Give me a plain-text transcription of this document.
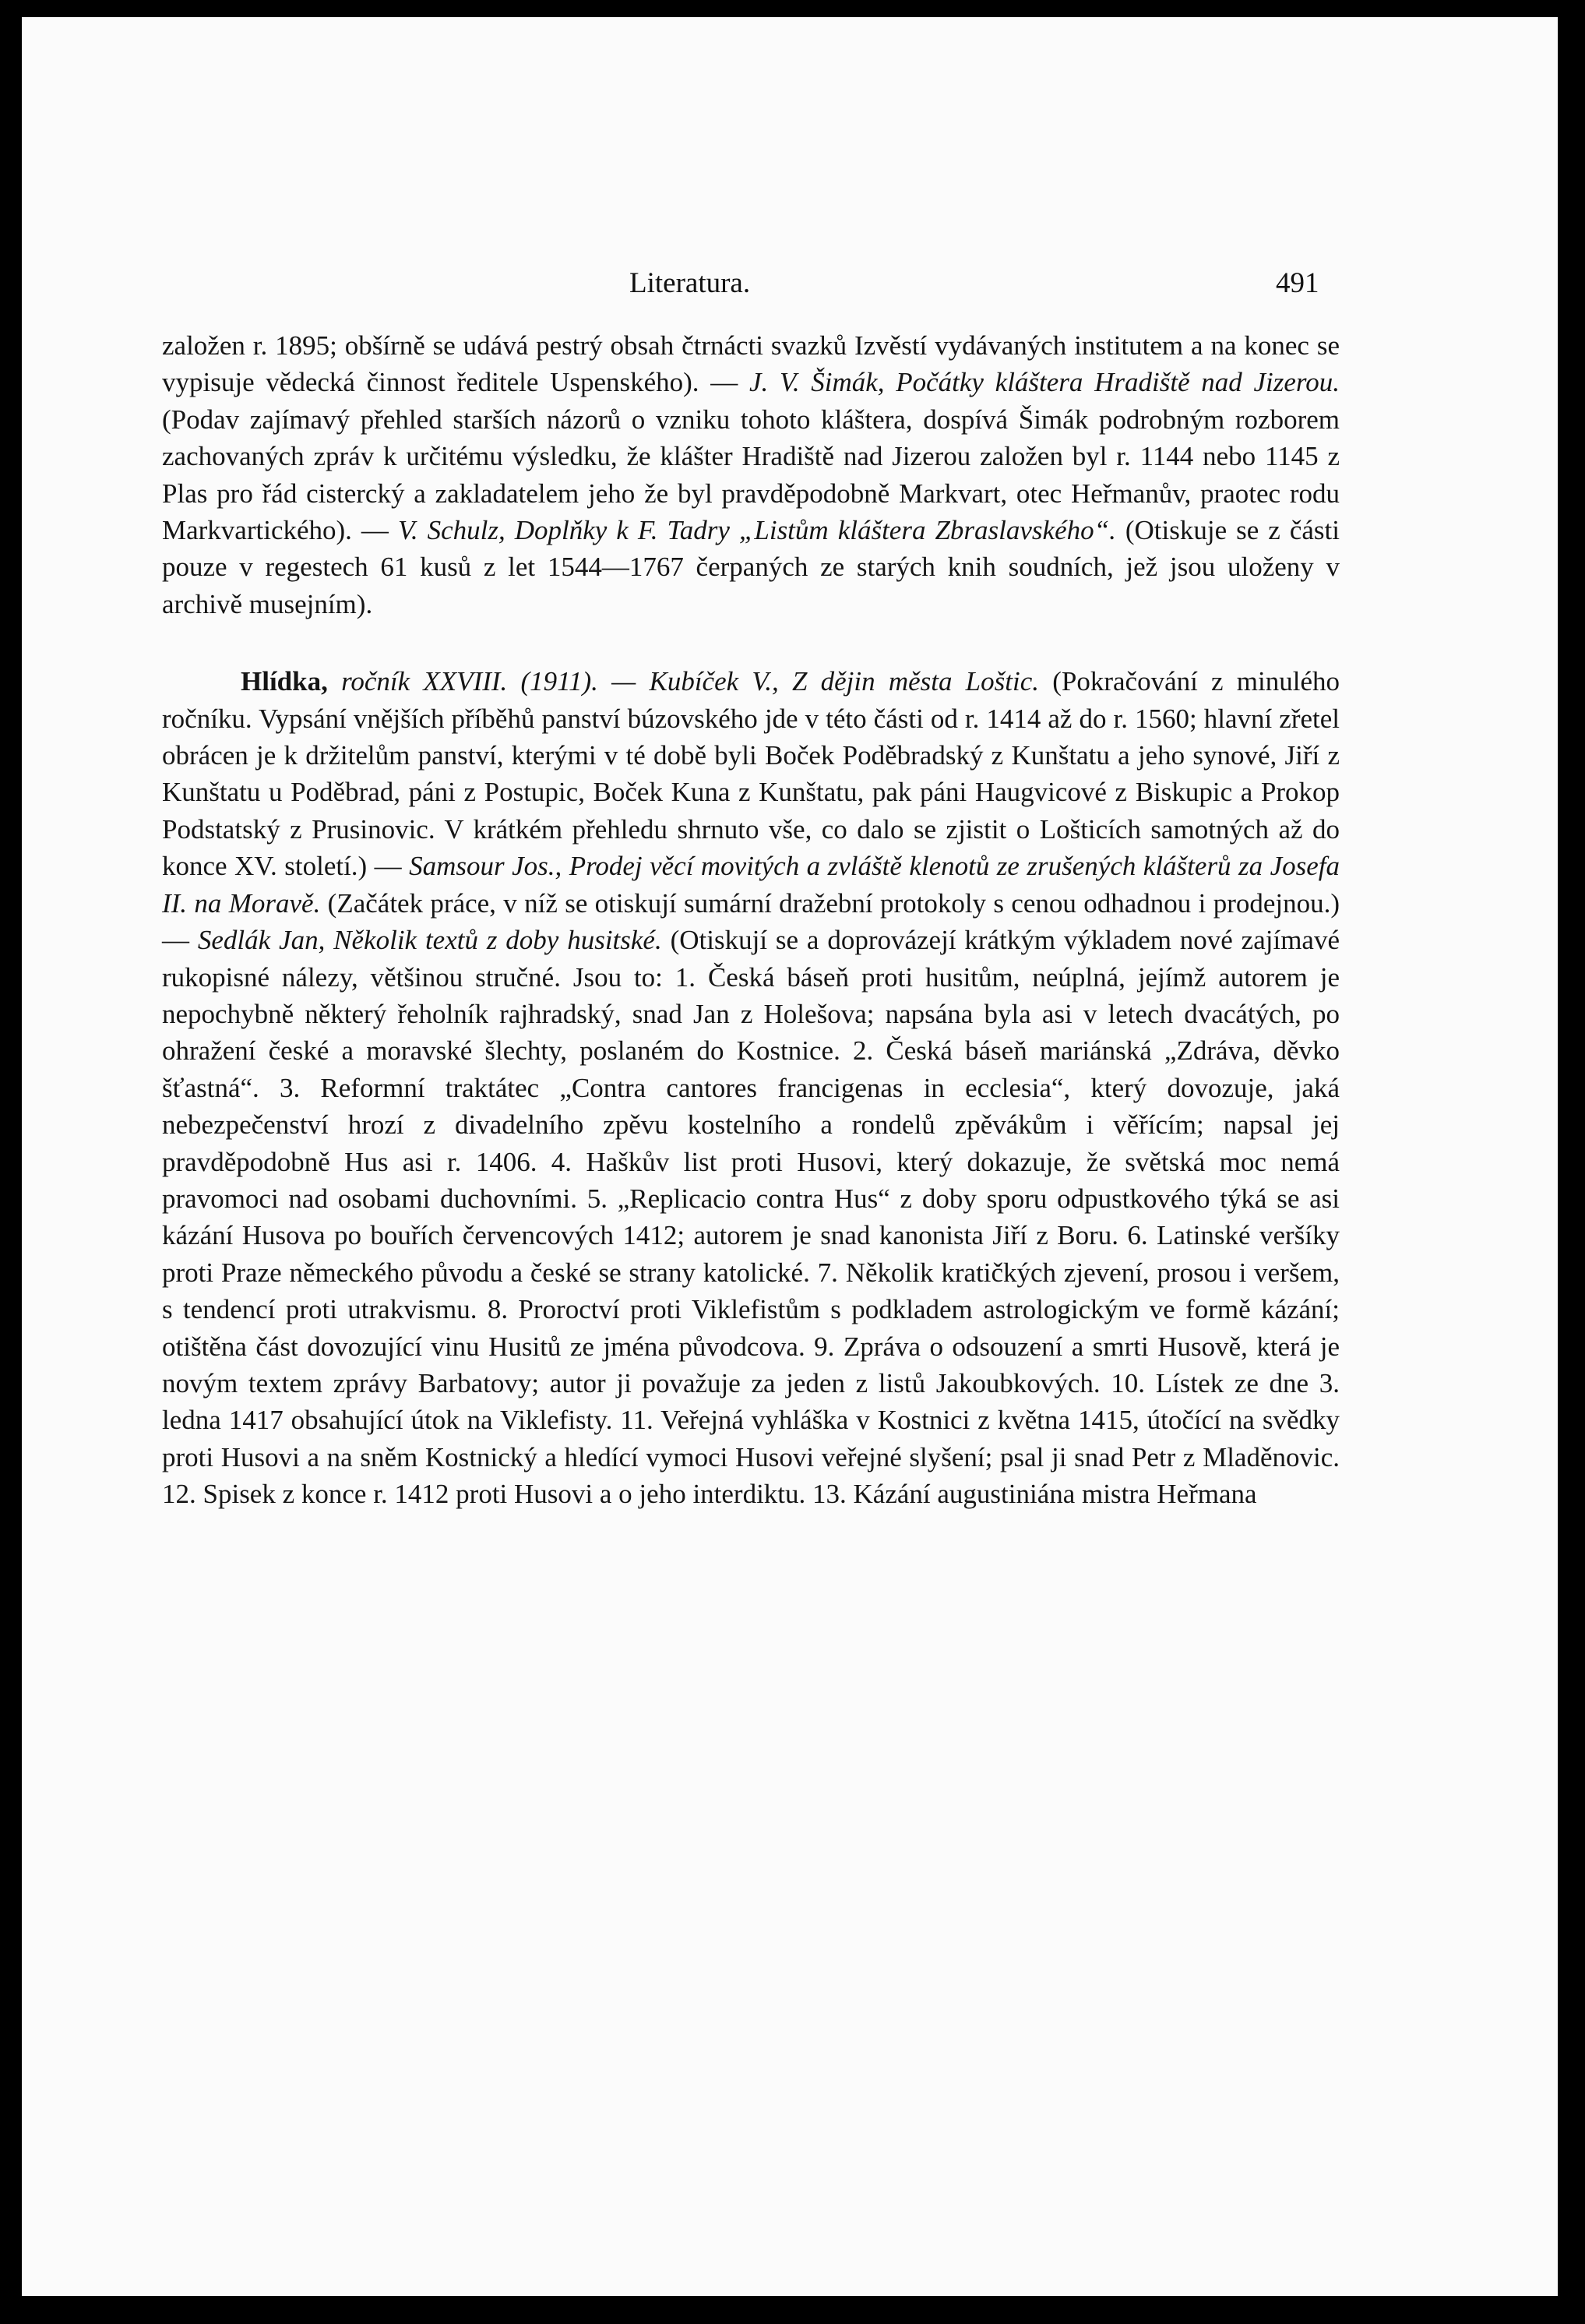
Literatura.	491

založen r. 1895; obšírně se udává pestrý obsah čtrnácti svazků Izvěstí vydávaných institutem a na konec se vypisuje vědecká činnost ředitele Uspenského). — J. V. Šimák, Počátky kláštera Hradiště nad Jizerou. (Podav zajímavý přehled starších názorů o vzniku tohoto kláštera, dospívá Šimák podrobným rozborem zachovaných zpráv k určitému výsledku, že klášter Hradiště nad Jizerou založen byl r. 1144 nebo 1145 z Plas pro řád cistercký a zakladatelem jeho že byl pravděpodobně Markvart, otec Heřmanův, praotec rodu Markvartického). — V. Schulz, Doplňky k F. Tadry „Listům kláštera Zbraslavského“. (Otiskuje se z části pouze v regestech 61 kusů z let 1544—1767 čerpaných ze starých knih soudních, jež jsou uloženy v archivě musejním).

Hlídka, ročník XXVIII. (1911). — Kubíček V., Z dějin města Loštic. (Pokračování z minulého ročníku. Vypsání vnějších příběhů panství búzovského jde v této části od r. 1414 až do r. 1560; hlavní zřetel obrácen je k držitelům panství, kterými v té době byli Boček Poděbradský z Kunštatu a jeho synové, Jiří z Kunštatu u Poděbrad, páni z Postupic, Boček Kuna z Kunštatu, pak páni Haugvicové z Biskupic a Prokop Podstatský z Prusinovic. V krátkém přehledu shrnuto vše, co dalo se zjistit o Lošticích samotných až do konce XV. století.) — Samsour Jos., Prodej věcí movitých a zvláště klenotů ze zrušených klášterů za Josefa II. na Moravě. (Začátek práce, v níž se otiskují sumární dražební protokoly s cenou odhadnou i prodejnou.) — Sedlák Jan, Několik textů z doby husitské. (Otiskují se a doprovázejí krátkým výkladem nové zajímavé rukopisné nálezy, většinou stručné. Jsou to: 1. Česká báseň proti husitům, neúplná, jejímž autorem je nepochybně některý řeholník rajhradský, snad Jan z Holešova; napsána byla asi v letech dvacátých, po ohražení české a moravské šlechty, poslaném do Kostnice. 2. Česká báseň mariánská „Zdráva, děvko šťastná“. 3. Reformní traktátec „Contra cantores francigenas in ecclesia“, který dovozuje, jaká nebezpečenství hrozí z divadelního zpěvu kostelního a rondelů zpěvákům i věřícím; napsal jej pravděpodobně Hus asi r. 1406. 4. Haškův list proti Husovi, který dokazuje, že světská moc nemá pravomoci nad osobami duchovními. 5. „Replicacio contra Hus“ z doby sporu odpustkového týká se asi kázání Husova po bouřích červencových 1412; autorem je snad kanonista Jiří z Boru. 6. Latinské veršíky proti Praze německého původu a české se strany katolické. 7. Několik kratičkých zjevení, prosou i veršem, s tendencí proti utrakvismu. 8. Proroctví proti Viklefistům s podkladem astrologickým ve formě kázání; otištěna část dovozující vinu Husitů ze jména původcova. 9. Zpráva o odsouzení a smrti Husově, která je novým textem zprávy Barbatovy; autor ji považuje za jeden z listů Jakoubkových. 10. Lístek ze dne 3. ledna 1417 obsahující útok na Viklefisty. 11. Veřejná vyhláška v Kostnici z května 1415, útočící na svědky proti Husovi a na sněm Kostnický a hledící vymoci Husovi veřejné slyšení; psal ji snad Petr z Mladěnovic. 12. Spisek z konce r. 1412 proti Husovi a o jeho interdiktu. 13. Kázání augustiniána mistra Heřmana
